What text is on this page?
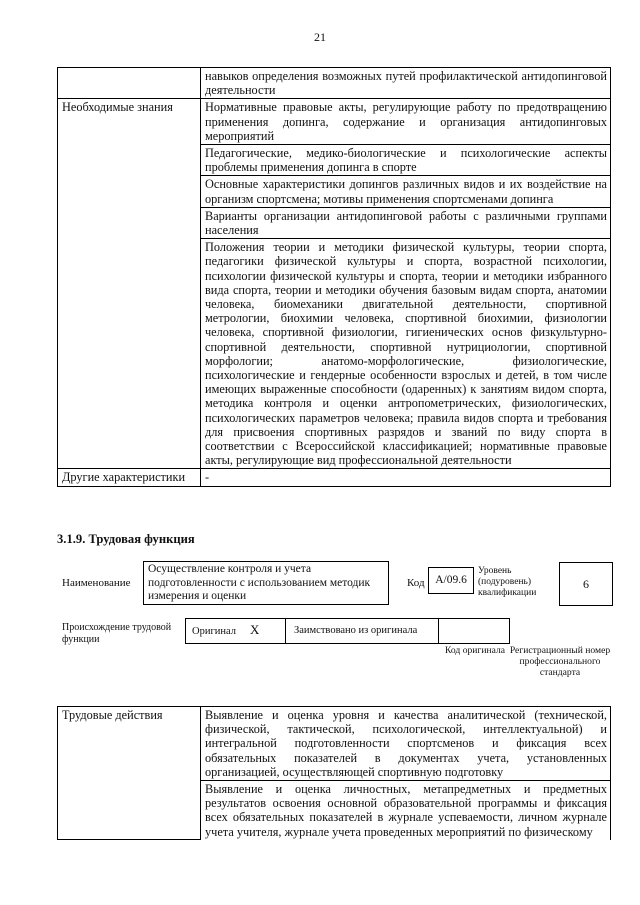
21
	навыков определения возможных путей профилактической антидопинговой деятельности
Необходимые знания	Нормативные правовые акты, регулирующие работу по предотвращению применения допинга, содержание и организация антидопинговых мероприятий
	Педагогические, медико-биологические и психологические аспекты проблемы применения допинга в спорте
	Основные характеристики допингов различных видов и их воздействие на организм спортсмена; мотивы применения спортсменами допинга
	Варианты организации антидопинговой работы с различными группами населения
	Положения теории и методики физической культуры, теории спорта, педагогики физической культуры и спорта, возрастной психологии, психологии физической культуры и спорта, теории и методики избранного вида спорта, теории и методики обучения базовым видам спорта, анатомии человека, биомеханики двигательной деятельности, спортивной метрологии, биохимии человека, спортивной биохимии, физиологии человека, спортивной физиологии, гигиенических основ физкультурно-спортивной деятельности, спортивной нутрициологии, спортивной морфологии; анатомо-морфологические, физиологические, психологические и гендерные особенности взрослых и детей, в том числе имеющих выраженные способности (одаренных) к занятиям видом спорта, методика контроля и оценки антропометрических, физиологических, психологических параметров человека; правила видов спорта и требования для присвоения спортивных разрядов и званий по виду спорта в соответствии с Всероссийской классификацией; нормативные правовые акты, регулирующие вид профессиональной деятельности
Другие характеристики	-
3.1.9. Трудовая функция
Наименование
Осуществление контроля и учета подготовленности с использованием методик измерения и оценки
Код A/09.6
Уровень (подуровень) квалификации
6
Происхождение трудовой функции
Оригинал X	Заимствовано из оригинала
Код оригинала Регистрационный номер профессионального стандарта
Трудовые действия	Выявление и оценка уровня и качества аналитической (технической, физической, тактической, психологической, интеллектуальной) и интегральной подготовленности спортсменов и фиксация всех обязательных показателей в документах учета, установленных организацией, осуществляющей спортивную подготовку
Выявление и оценка личностных, метапредметных и предметных результатов освоения основной образовательной программы и фиксация всех обязательных показателей в журнале успеваемости, личном журнале учета учителя, журнале учета проведенных мероприятий по физическому
